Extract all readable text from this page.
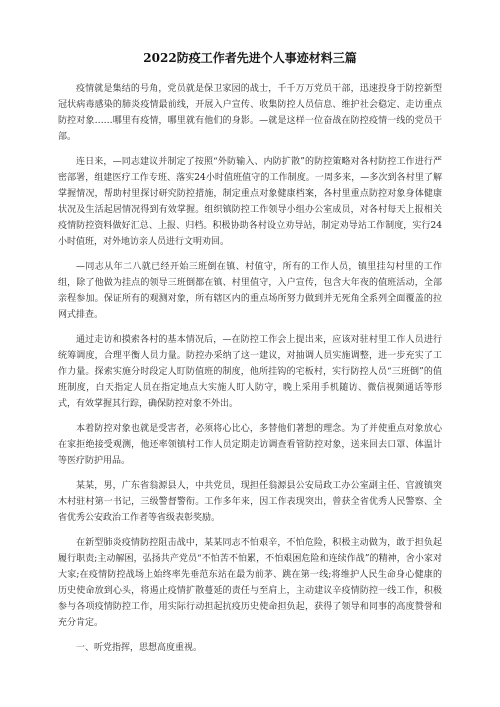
2022防疫工作者先进个人事迹材料三篇

疫情就是集结的号角，党员就是保卫家园的战士，千千万万党员干部，迅速投身于防控新型冠状病毒感染的肺炎疫情最前线，开展入户宣传、收集防控人员信息、维护社会稳定、走访重点防控对象……哪里有疫情，哪里就有他们的身影。—就是这样一位奋战在防控疫情一线的党员干部。

连日来，—同志建议并制定了按照“外防输入、内防扩散”的防控策略对各村防控工作进行严密部署，组建医疗工作专班、落实24小时值班值守的工作制度。一周多来，—多次到各村里了解掌握情况，帮助村里探讨研究防控措施，制定重点对象健康档案，各村里重点防控对象身体健康状况及生活起居情况得到有效掌握。组织镇防控工作领导小组办公室成员，对各村每天上报相关疫情防控资料做好汇总、上报、归档。积极协助各村设立劝导站，制定劝导站工作制度，实行24小时值班，对外地访亲人员进行文明劝回。

—同志从年二八就已经开始三班倒在镇、村值守，所有的工作人员，镇里挂勾村里的工作组，除了他做为挂点的领导三班倒都在镇、村里值守，入户宣传，包含大年夜的值班活动，全部亲程参加。保证所有的观测对象，所有辖区内的重点场所努力做到并无死角全系列全面覆盖的拉网式排查。

通过走访和摸索各村的基本情况后，—在防控工作会上提出来，应该对驻村里工作人员进行统筹调度，合理平衡人员力量。防控办采纳了这一建议，对抽调人员实施调整，进一步充实了工作力量。探索实施分时段定人盯防值班的制度，他所挂钩的宅板村，实行防控人员“三班倒”的值班制度，白天指定人员在指定地点大实施人盯人防守，晚上采用手机随访、微信视频通话等形式，有效掌握其行踪，确保防控对象不外出。

本着防控对象也就是受害者，必须将心比心，多替他们著想的理念。为了并使重点对象放心在家拒绝接受观测，他还率领镇村工作人员定期走访调查看管防控对象，送来回去口罩、体温计等医疗防护用品。

某某，男，广东省翁源县人，中共党员，现担任翁源县公安局政工办公室副主任、官渡镇突木村驻村第一书记，三级警督警衔。工作多年来，因工作表现突出，曾获全省优秀人民警察、全省优秀公安政治工作者等省级表彰奖励。

在新型肺炎疫情防控阻击战中，某某同志不怕艰辛，不怕危险，积极主动做为，敢于担负起履行职责;主动解困，弘扬共产党员“不怕苦不怕累，不怕艰困危险和连续作战”的精神，舍小家对大家;在疫情防控战场上始终率先垂范东站在最为前茅、跳在第一线;将维护人民生命身心健康的历史使命放到心头，将遏止疫情扩散蔓延的责任与至肩上，主动建议辛疫情防控一线工作，积极参与各项疫情防控工作，用实际行动担起抗疫历史使命担负起，获得了领导和同事的高度赞誉和充分肯定。

一、听党指挥，思想高度重视。
